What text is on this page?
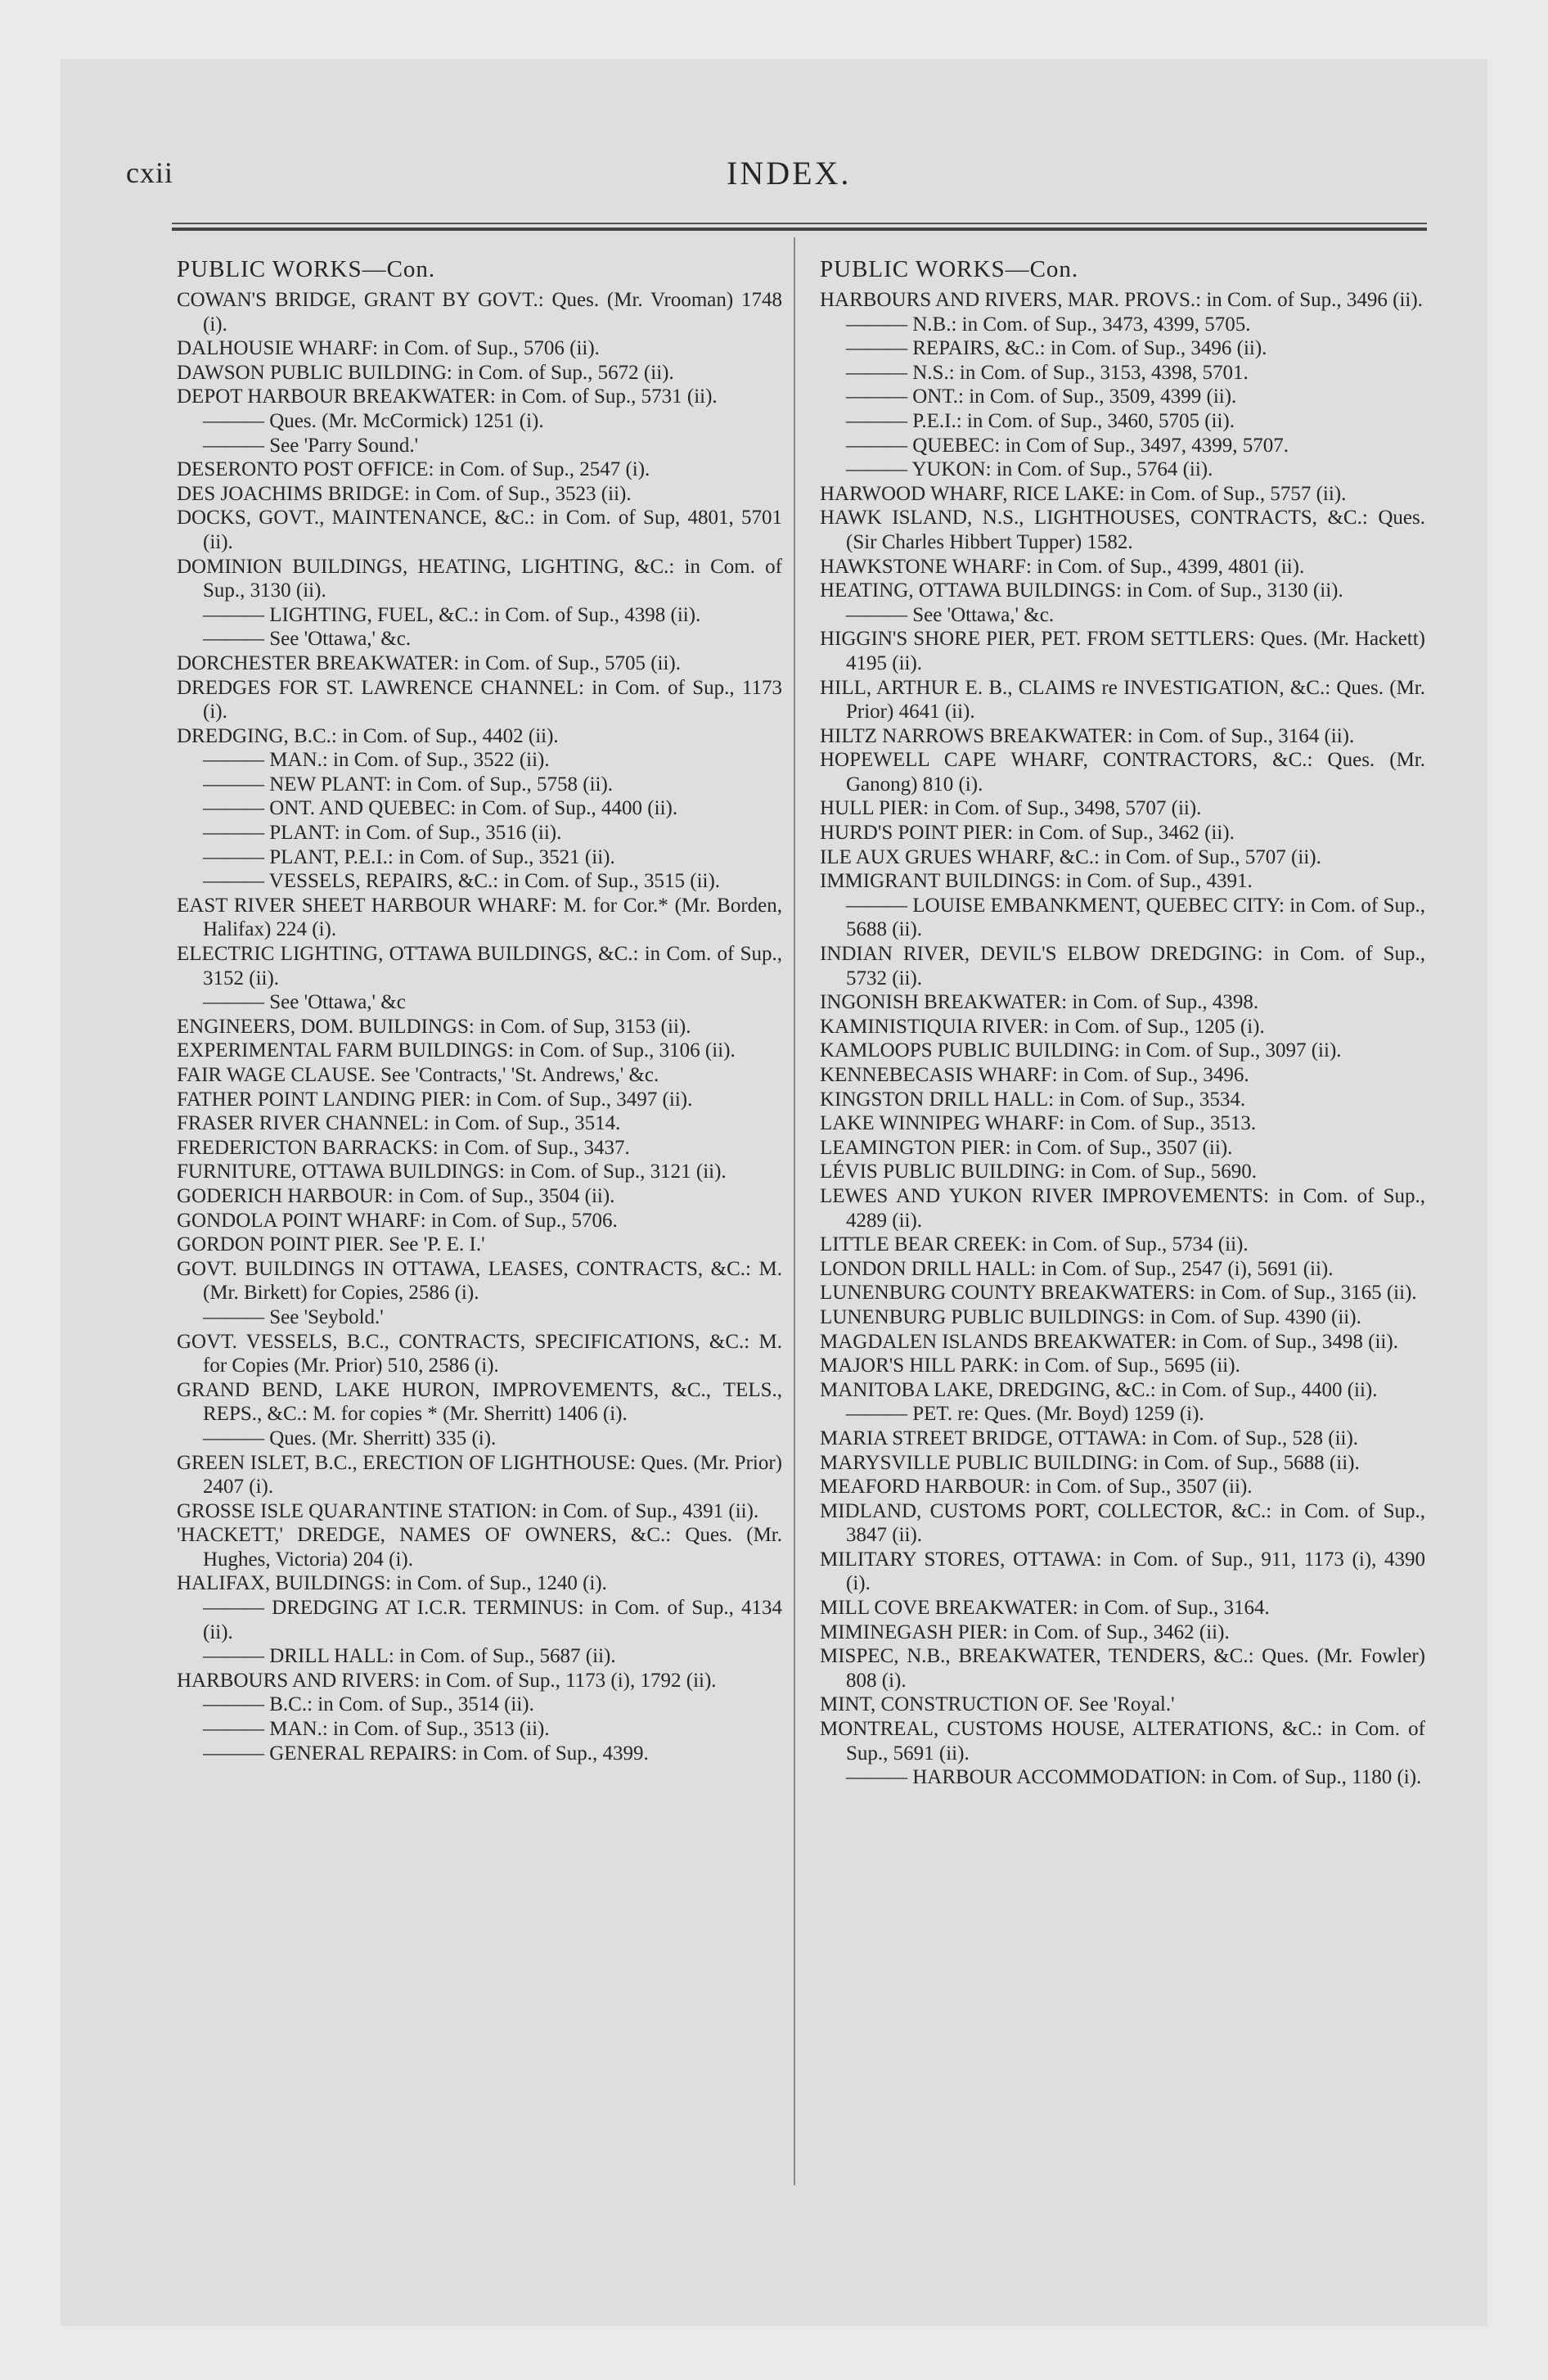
cxii	INDEX.
PUBLIC WORKS—Con.

COWAN'S BRIDGE, GRANT BY GOVT.: Ques. (Mr. Vrooman) 1748 (i).

DALHOUSIE WHARF: in Com. of Sup., 5706 (ii).

DAWSON PUBLIC BUILDING: in Com. of Sup., 5672 (ii).

DEPOT HARBOUR BREAKWATER: in Com. of Sup., 5731 (ii).

——— Ques. (Mr. McCormick) 1251 (i).

——— See 'Parry Sound.'

DESERONTO POST OFFICE: in Com. of Sup., 2547 (i).

DES JOACHIMS BRIDGE: in Com. of Sup., 3523 (ii).

DOCKS, GOVT., MAINTENANCE, &C.: in Com. of Sup, 4801, 5701 (ii).

DOMINION BUILDINGS, HEATING, LIGHTING, &C.: in Com. of Sup., 3130 (ii).

——— LIGHTING, FUEL, &C.: in Com. of Sup., 4398 (ii).

——— See 'Ottawa,' &c.

DORCHESTER BREAKWATER: in Com. of Sup., 5705 (ii).

DREDGES FOR ST. LAWRENCE CHANNEL: in Com. of Sup., 1173 (i).

DREDGING, B.C.: in Com. of Sup., 4402 (ii).

——— MAN.: in Com. of Sup., 3522 (ii).

——— NEW PLANT: in Com. of Sup., 5758 (ii).

——— ONT. AND QUEBEC: in Com. of Sup., 4400 (ii).

——— PLANT: in Com. of Sup., 3516 (ii).

——— PLANT, P.E.I.: in Com. of Sup., 3521 (ii).

——— VESSELS, REPAIRS, &C.: in Com. of Sup., 3515 (ii).

EAST RIVER SHEET HARBOUR WHARF: M. for Cor.* (Mr. Borden, Halifax) 224 (i).

ELECTRIC LIGHTING, OTTAWA BUILDINGS, &C.: in Com. of Sup., 3152 (ii).

——— See 'Ottawa,' &c

ENGINEERS, DOM. BUILDINGS: in Com. of Sup, 3153 (ii).

EXPERIMENTAL FARM BUILDINGS: in Com. of Sup., 3106 (ii).

FAIR WAGE CLAUSE. See 'Contracts,' 'St. Andrews,' &c.

FATHER POINT LANDING PIER: in Com. of Sup., 3497 (ii).

FRASER RIVER CHANNEL: in Com. of Sup., 3514.

FREDERICTON BARRACKS: in Com. of Sup., 3437.

FURNITURE, OTTAWA BUILDINGS: in Com. of Sup., 3121 (ii).

GODERICH HARBOUR: in Com. of Sup., 3504 (ii).

GONDOLA POINT WHARF: in Com. of Sup., 5706.

GORDON POINT PIER. See 'P. E. I.'

GOVT. BUILDINGS IN OTTAWA, LEASES, CONTRACTS, &C.: M. (Mr. Birkett) for Copies, 2586 (i).

——— See 'Seybold.'

GOVT. VESSELS, B.C., CONTRACTS, SPECIFICATIONS, &C.: M. for Copies (Mr. Prior) 510, 2586 (i).

GRAND BEND, LAKE HURON, IMPROVEMENTS, &C., TELS., REPS., &C.: M. for copies * (Mr. Sherritt) 1406 (i).

——— Ques. (Mr. Sherritt) 335 (i).

GREEN ISLET, B.C., ERECTION OF LIGHTHOUSE: Ques. (Mr. Prior) 2407 (i).

GROSSE ISLE QUARANTINE STATION: in Com. of Sup., 4391 (ii).

'HACKETT,' DREDGE, NAMES OF OWNERS, &C.: Ques. (Mr. Hughes, Victoria) 204 (i).

HALIFAX, BUILDINGS: in Com. of Sup., 1240 (i).

——— DREDGING AT I.C.R. TERMINUS: in Com. of Sup., 4134 (ii).

——— DRILL HALL: in Com. of Sup., 5687 (ii).

HARBOURS AND RIVERS: in Com. of Sup., 1173 (i), 1792 (ii).

——— B.C.: in Com. of Sup., 3514 (ii).

——— MAN.: in Com. of Sup., 3513 (ii).

——— GENERAL REPAIRS: in Com. of Sup., 4399.

PUBLIC WORKS—Con.

HARBOURS AND RIVERS, MAR. PROVS.: in Com. of Sup., 3496 (ii).

——— N.B.: in Com. of Sup., 3473, 4399, 5705.

——— REPAIRS, &C.: in Com. of Sup., 3496 (ii).

——— N.S.: in Com. of Sup., 3153, 4398, 5701.

——— ONT.: in Com. of Sup., 3509, 4399 (ii).

——— P.E.I.: in Com. of Sup., 3460, 5705 (ii).

——— QUEBEC: in Com of Sup., 3497, 4399, 5707.

——— YUKON: in Com. of Sup., 5764 (ii).

HARWOOD WHARF, RICE LAKE: in Com. of Sup., 5757 (ii).

HAWK ISLAND, N.S., LIGHTHOUSES, CONTRACTS, &C.: Ques. (Sir Charles Hibbert Tupper) 1582.

HAWKSTONE WHARF: in Com. of Sup., 4399, 4801 (ii).

HEATING, OTTAWA BUILDINGS: in Com. of Sup., 3130 (ii).

——— See 'Ottawa,' &c.

HIGGIN'S SHORE PIER, PET. FROM SETTLERS: Ques. (Mr. Hackett) 4195 (ii).

HILL, ARTHUR E. B., CLAIMS re INVESTIGATION, &C.: Ques. (Mr. Prior) 4641 (ii).

HILTZ NARROWS BREAKWATER: in Com. of Sup., 3164 (ii).

HOPEWELL CAPE WHARF, CONTRACTORS, &C.: Ques. (Mr. Ganong) 810 (i).

HULL PIER: in Com. of Sup., 3498, 5707 (ii).

HURD'S POINT PIER: in Com. of Sup., 3462 (ii).

ILE AUX GRUES WHARF, &C.: in Com. of Sup., 5707 (ii).

IMMIGRANT BUILDINGS: in Com. of Sup., 4391.

——— LOUISE EMBANKMENT, QUEBEC CITY: in Com. of Sup., 5688 (ii).

INDIAN RIVER, DEVIL'S ELBOW DREDGING: in Com. of Sup., 5732 (ii).

INGONISH BREAKWATER: in Com. of Sup., 4398.

KAMINISTIQUIA RIVER: in Com. of Sup., 1205 (i).

KAMLOOPS PUBLIC BUILDING: in Com. of Sup., 3097 (ii).

KENNEBECASIS WHARF: in Com. of Sup., 3496.

KINGSTON DRILL HALL: in Com. of Sup., 3534.

LAKE WINNIPEG WHARF: in Com. of Sup., 3513.

LEAMINGTON PIER: in Com. of Sup., 3507 (ii).

LÉVIS PUBLIC BUILDING: in Com. of Sup., 5690.

LEWES AND YUKON RIVER IMPROVEMENTS: in Com. of Sup., 4289 (ii).

LITTLE BEAR CREEK: in Com. of Sup., 5734 (ii).

LONDON DRILL HALL: in Com. of Sup., 2547 (i), 5691 (ii).

LUNENBURG COUNTY BREAKWATERS: in Com. of Sup., 3165 (ii).

LUNENBURG PUBLIC BUILDINGS: in Com. of Sup. 4390 (ii).

MAGDALEN ISLANDS BREAKWATER: in Com. of Sup., 3498 (ii).

MAJOR'S HILL PARK: in Com. of Sup., 5695 (ii).

MANITOBA LAKE, DREDGING, &C.: in Com. of Sup., 4400 (ii).

——— PET. re: Ques. (Mr. Boyd) 1259 (i).

MARIA STREET BRIDGE, OTTAWA: in Com. of Sup., 528 (ii).

MARYSVILLE PUBLIC BUILDING: in Com. of Sup., 5688 (ii).

MEAFORD HARBOUR: in Com. of Sup., 3507 (ii).

MIDLAND, CUSTOMS PORT, COLLECTOR, &C.: in Com. of Sup., 3847 (ii).

MILITARY STORES, OTTAWA: in Com. of Sup., 911, 1173 (i), 4390 (i).

MILL COVE BREAKWATER: in Com. of Sup., 3164.

MIMINEGASH PIER: in Com. of Sup., 3462 (ii).

MISPEC, N.B., BREAKWATER, TENDERS, &C.: Ques. (Mr. Fowler) 808 (i).

MINT, CONSTRUCTION OF. See 'Royal.'

MONTREAL, CUSTOMS HOUSE, ALTERATIONS, &C.: in Com. of Sup., 5691 (ii).

——— HARBOUR ACCOMMODATION: in Com. of Sup., 1180 (i).
